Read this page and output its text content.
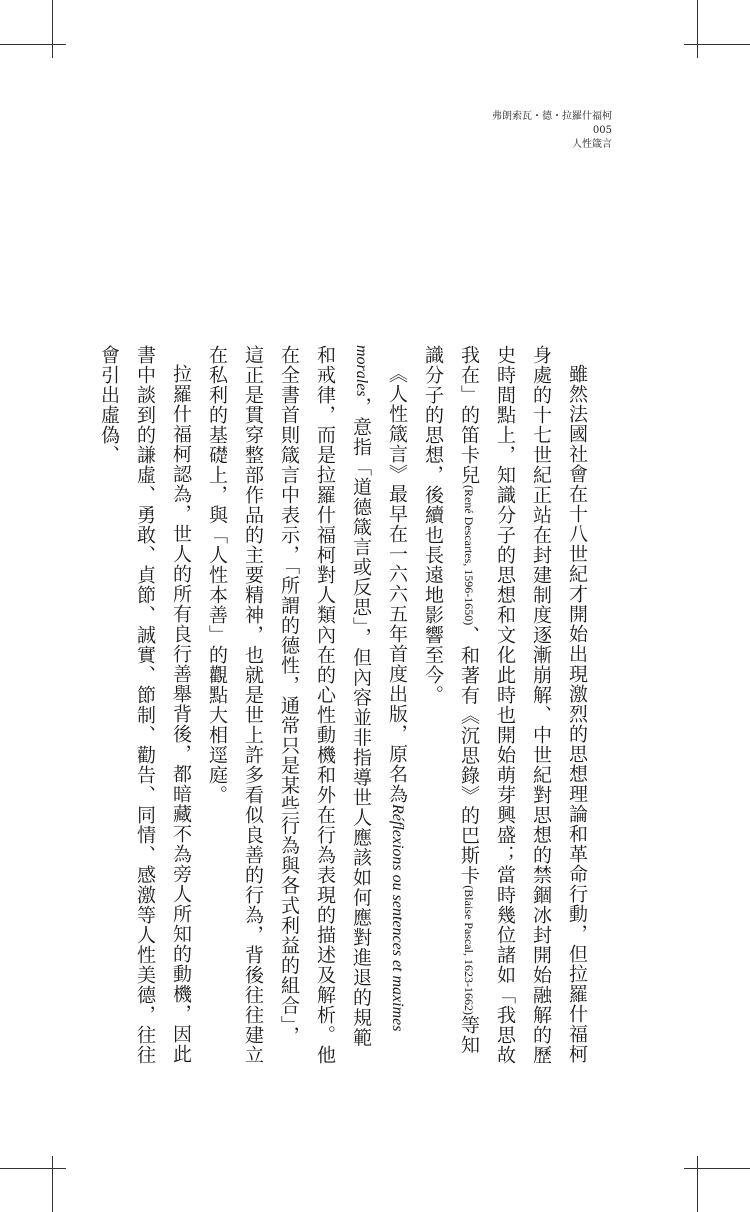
弗朗索瓦・德・拉羅什福柯
005
人性箴言

雖然法國社會在十八世紀才開始出現激烈的思想理論和革命行動，但拉羅什福柯身處的十七世紀正站在封建制度逐漸崩解、中世紀對思想的禁錮冰封開始融解的歷史時間點上，知識分子的思想和文化此時也開始萌芽興盛；當時幾位諸如「我思故我在」的笛卡兒(René Descartes, 1596-1650)、和著有《沉思錄》的巴斯卡(Blaise Pascal, 1623-1662)等知識分子的思想，後續也長遠地影響至今。

《人性箴言》最早在一六六五年首度出版，原名為Réflexions ou sentences et maximes morales，意指「道德箴言或反思」，但內容並非指導世人應該如何應對進退的規範和戒律，而是拉羅什福柯對人類內在的心性動機和外在行為表現的描述及解析。他在全書首則箴言中表示，「所謂的德性，通常只是某些行為與各式利益的組合」，這正是貫穿整部作品的主要精神，也就是世上許多看似良善的行為，背後往往建立在私利的基礎上，與「人性本善」的觀點大相逕庭。

拉羅什福柯認為，世人的所有良行善舉背後，都暗藏不為旁人所知的動機，因此書中談到的謙虛、勇敢、貞節、誠實、節制、勸告、同情、感激等人性美德，往往會引出虛偽、
